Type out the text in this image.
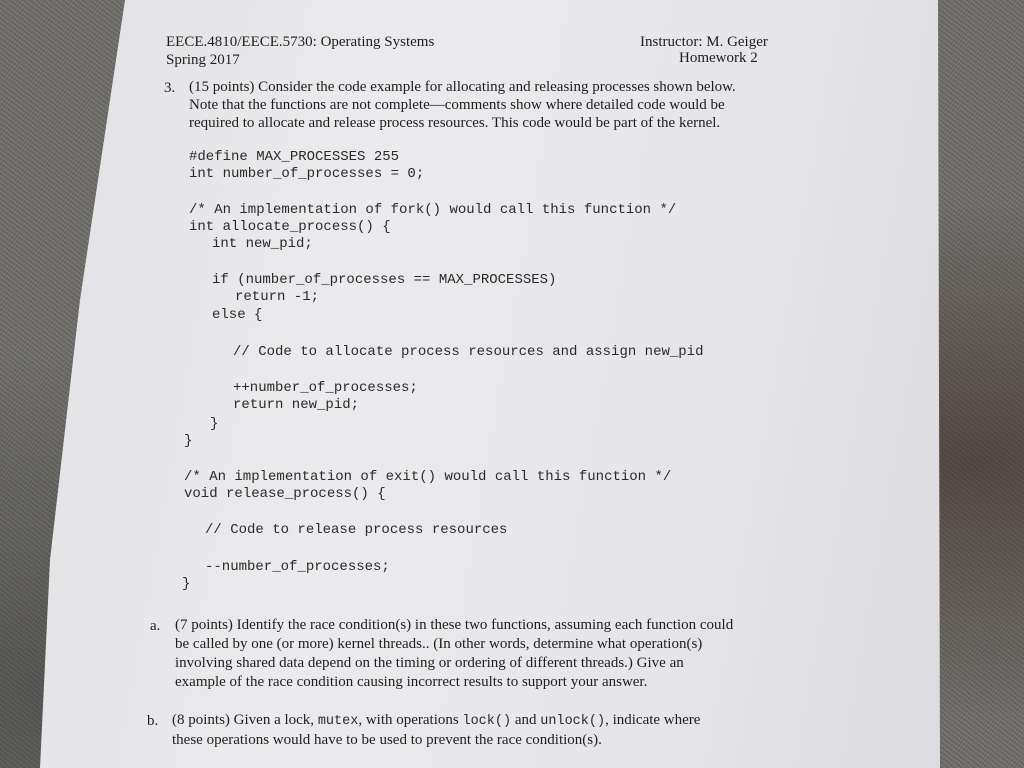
EECE.4810/EECE.5730: Operating Systems

Spring 2017

Instructor: M. Geiger

Homework 2

3. (15 points) Consider the code example for allocating and releasing processes shown below.

Note that the functions are not complete—comments show where detailed code would be

required to allocate and release process resources. This code would be part of the kernel.

#define MAX_PROCESSES 255

int number_of_processes = 0;

/* An implementation of fork() would call this function */

int allocate_process() {

int new_pid;

if (number_of_processes == MAX_PROCESSES)

return -1;

else {

// Code to allocate process resources and assign new_pid

++number_of_processes;

return new_pid;

}

}

/* An implementation of exit() would call this function */

void release_process() {

// Code to release process resources

--number_of_processes;

}

a. (7 points) Identify the race condition(s) in these two functions, assuming each function could

be called by one (or more) kernel threads.. (In other words, determine what operation(s)

involving shared data depend on the timing or ordering of different threads.) Give an

example of the race condition causing incorrect results to support your answer.

b. (8 points) Given a lock, mutex, with operations lock() and unlock(), indicate where

these operations would have to be used to prevent the race condition(s).
